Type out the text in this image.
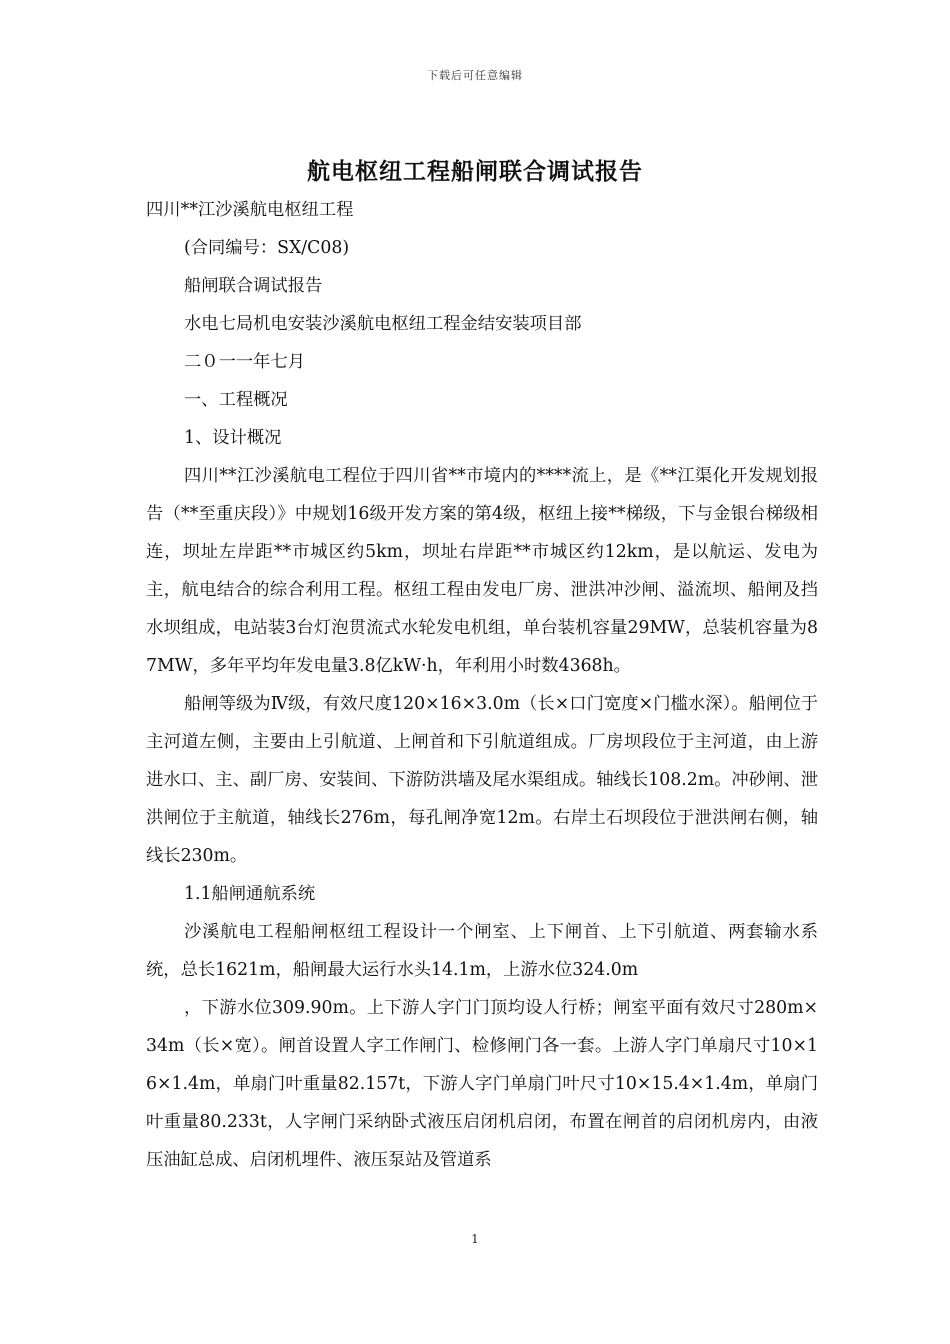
下载后可任意编辑
航电枢纽工程船闸联合调试报告

四川**江沙溪航电枢纽工程

(合同编号：SX/C08)

船闸联合调试报告

水电七局机电安装沙溪航电枢纽工程金结安装项目部

二０一一年七月

一、工程概况

1、设计概况

四川**江沙溪航电工程位于四川省**市境内的****流上，是《**江渠化开发规划报告（**至重庆段）》中规划16级开发方案的第4级，枢纽上接**梯级，下与金银台梯级相连，坝址左岸距**市城区约5km，坝址右岸距**市城区约12km，是以航运、发电为主，航电结合的综合利用工程。枢纽工程由发电厂房、泄洪冲沙闸、溢流坝、船闸及挡水坝组成，电站装3台灯泡贯流式水轮发电机组，单台装机容量29MW，总装机容量为87MW，多年平均年发电量3.8亿kW·h，年利用小时数4368h。

船闸等级为Ⅳ级，有效尺度120×16×3.0m（长×口门宽度×门槛水深）。船闸位于主河道左侧，主要由上引航道、上闸首和下引航道组成。厂房坝段位于主河道，由上游进水口、主、副厂房、安装间、下游防洪墙及尾水渠组成。轴线长108.2m。冲砂闸、泄洪闸位于主航道，轴线长276m，每孔闸净宽12m。右岸土石坝段位于泄洪闸右侧，轴线长230m。

1.1船闸通航系统

沙溪航电工程船闸枢纽工程设计一个闸室、上下闸首、上下引航道、两套输水系统，总长1621m，船闸最大运行水头14.1m，上游水位324.0m

，下游水位309.90m。上下游人字门门顶均设人行桥；闸室平面有效尺寸280m×34m（长×宽）。闸首设置人字工作闸门、检修闸门各一套。上游人字门单扇尺寸10×16×1.4m，单扇门叶重量82.157t，下游人字门单扇门叶尺寸10×15.4×1.4m，单扇门叶重量80.233t，人字闸门采纳卧式液压启闭机启闭，布置在闸首的启闭机房内，由液压油缸总成、启闭机埋件、液压泵站及管道系

1
